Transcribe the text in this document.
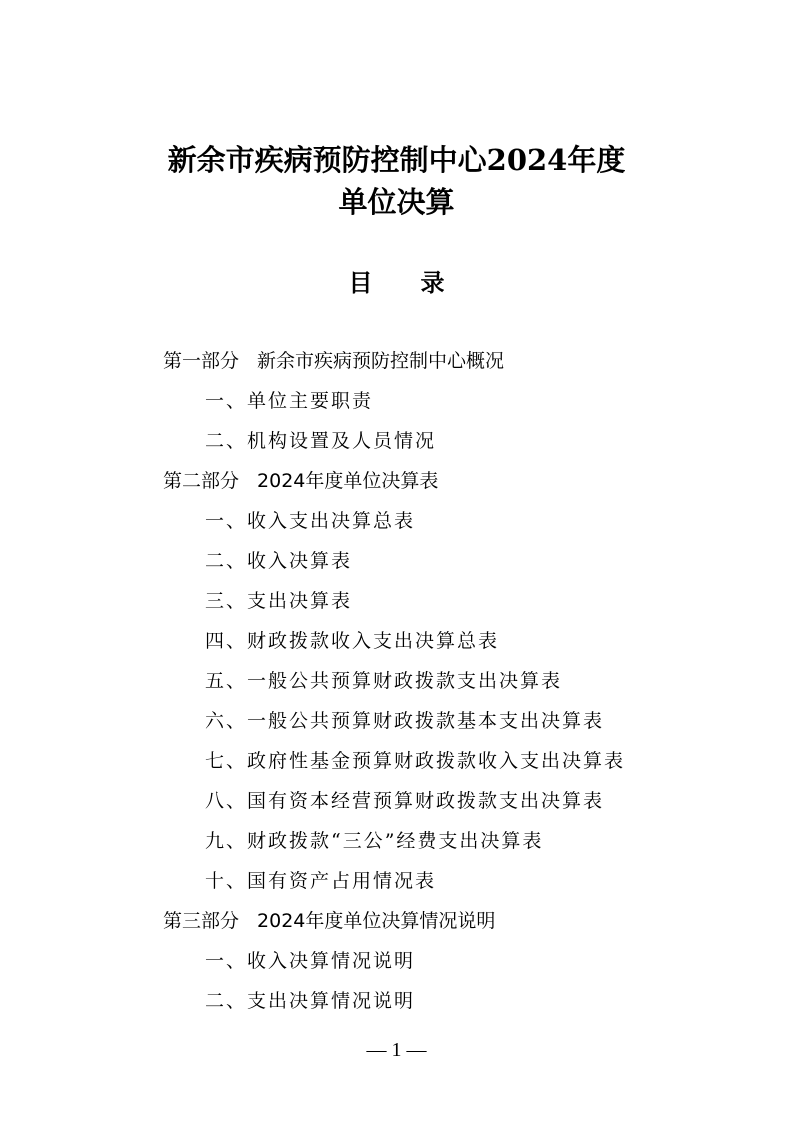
新余市疾病预防控制中心2024年度
单位决算
目录
第一部分 新余市疾病预防控制中心概况
一、单位主要职责
二、机构设置及人员情况
第二部分 2024年度单位决算表
一、收入支出决算总表
二、收入决算表
三、支出决算表
四、财政拨款收入支出决算总表
五、一般公共预算财政拨款支出决算表
六、一般公共预算财政拨款基本支出决算表
七、政府性基金预算财政拨款收入支出决算表
八、国有资本经营预算财政拨款支出决算表
九、财政拨款“三公”经费支出决算表
十、国有资产占用情况表
第三部分 2024年度单位决算情况说明
一、收入决算情况说明
二、支出决算情况说明
— 1 —
